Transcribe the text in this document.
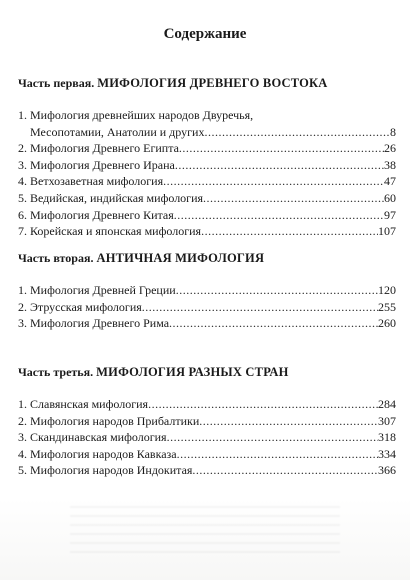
Содержание
Часть первая. МИФОЛОГИЯ ДРЕВНЕГО ВОСТОКА
1. Мифология древнейших народов Двуречья,
Месопотамии, Анатолии и других .....	8
2. Мифология Древнего Египта .....	26
3. Мифология Древнего Ирана .....	38
4. Ветхозаветная мифология .....	47
5. Ведийская, индийская мифология .....	60
6. Мифология Древнего Китая .....	97
7. Корейская и японская мифология .....	107
Часть вторая. АНТИЧНАЯ МИФОЛОГИЯ
1. Мифология Древней Греции .....	120
2. Этрусская мифология .....	255
3. Мифология Древнего Рима .....	260
Часть третья. МИФОЛОГИЯ РАЗНЫХ СТРАН
1. Славянская мифология .....	284
2. Мифология народов Прибалтики .....	307
3. Скандинавская мифология .....	318
4. Мифология народов Кавказа .....	334
5. Мифология народов Индокитая .....	366
